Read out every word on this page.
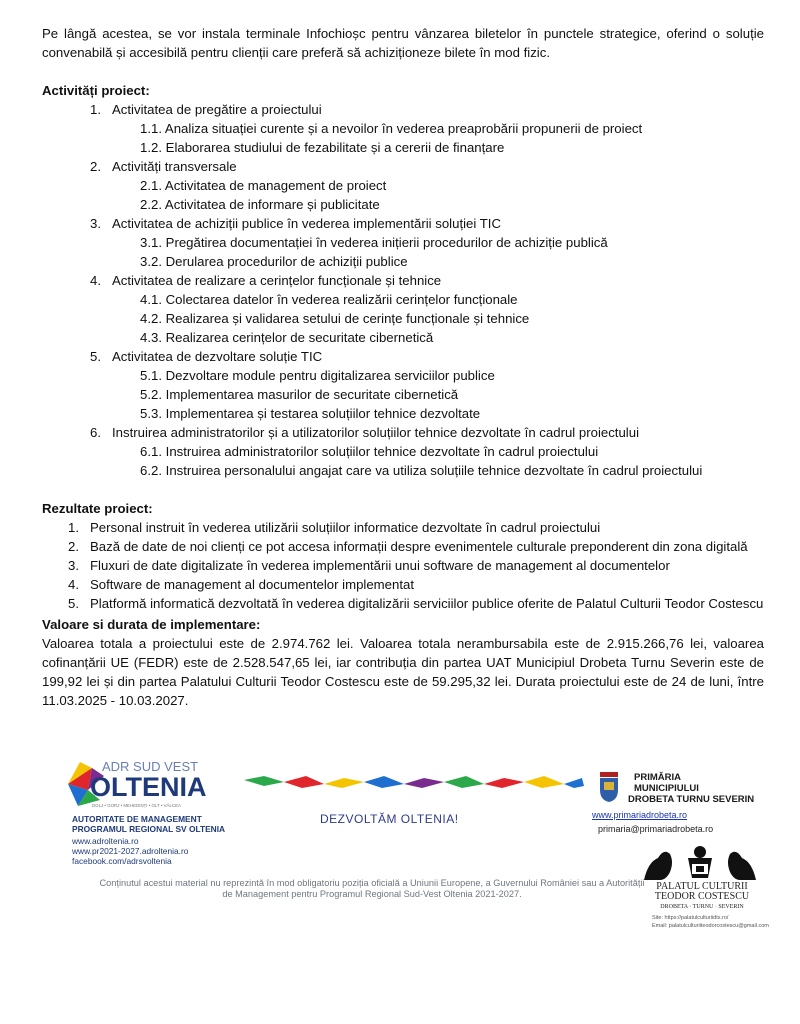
Pe lângă acestea, se vor instala terminale Infochioșc pentru vânzarea biletelor în punctele strategice, oferind o soluție convenabilă și accesibilă pentru clienții care preferă să achiziționeze bilete în mod fizic.
Activități proiect:
1. Activitatea de pregătire a proiectului
1.1. Analiza situației curente și a nevoilor în vederea preaprobării propunerii de proiect
1.2. Elaborarea studiului de fezabilitate și a cererii de finanțare
2. Activități transversale
2.1. Activitatea de management de proiect
2.2. Activitatea de informare și publicitate
3. Activitatea de achiziții publice în vederea implementării soluției TIC
3.1. Pregătirea documentației în vederea inițierii procedurilor de achiziție publică
3.2. Derularea procedurilor de achiziții publice
4. Activitatea de realizare a cerințelor funcționale și tehnice
4.1. Colectarea datelor în vederea realizării cerințelor funcționale
4.2. Realizarea și validarea setului de cerințe funcționale și tehnice
4.3. Realizarea cerințelor de securitate cibernetică
5. Activitatea de dezvoltare soluție TIC
5.1. Dezvoltare module pentru digitalizarea serviciilor publice
5.2. Implementarea masurilor de securitate cibernetică
5.3. Implementarea și testarea soluțiilor tehnice dezvoltate
6. Instruirea administratorilor și a utilizatorilor soluțiilor tehnice dezvoltate în cadrul proiectului
6.1. Instruirea administratorilor soluțiilor tehnice dezvoltate în cadrul proiectului
6.2. Instruirea personalului angajat care va utiliza soluțiile tehnice dezvoltate în cadrul proiectului
Rezultate proiect:
1. Personal instruit în vederea utilizării soluțiilor informatice dezvoltate în cadrul proiectului
2. Bază de date de noi clienți ce pot accesa informații despre evenimentele culturale preponderent din zona digitală
3. Fluxuri de date digitalizate în vederea implementării unui software de management al documentelor
4. Software de management al documentelor implementat
5. Platformă informatică dezvoltată în vederea digitalizării serviciilor publice oferite de Palatul Culturii Teodor Costescu
Valoare si durata de implementare:
Valoarea totala a proiectului este de 2.974.762 lei. Valoarea totala nerambursabila este de 2.915.266,76 lei, valoarea cofinanțării UE (FEDR) este de 2.528.547,65 lei, iar contribuția din partea UAT Municipiul Drobeta Turnu Severin este de 199,92 lei și din partea Palatului Culturii Teodor Costescu este de 59.295,32 lei. Durata proiectului este de 24 de luni, între 11.03.2025 - 10.03.2027.
ADR SUD VEST
OLTENIA
DOLJ • GORJ • MEHEDINȚI • OLT • VÂLCEA
AUTORITATE DE MANAGEMENT
PROGRAMUL REGIONAL SV OLTENIA
www.adroltenia.ro
www.pr2021-2027.adroltenia.ro
facebook.com/adrsvoltenia
DEZVOLTĂM OLTENIA!
PRIMĂRIA
MUNICIPIULUI
DROBETA TURNU SEVERIN
www.primariadrobeta.ro
primaria@primariadrobeta.ro
PALATUL CULTURII
TEODOR COSTESCU
DROBETA · TURNU · SEVERIN
Site: https://palatulculturiidts.ro/
Email: palatulculturiiteodorcostescu@gmail.com
Conținutul acestui material nu reprezintă în mod obligatoriu poziția oficială a Uniunii Europene, a Guvernului României sau a Autorității de Management pentru Programul Regional Sud-Vest Oltenia 2021-2027.
